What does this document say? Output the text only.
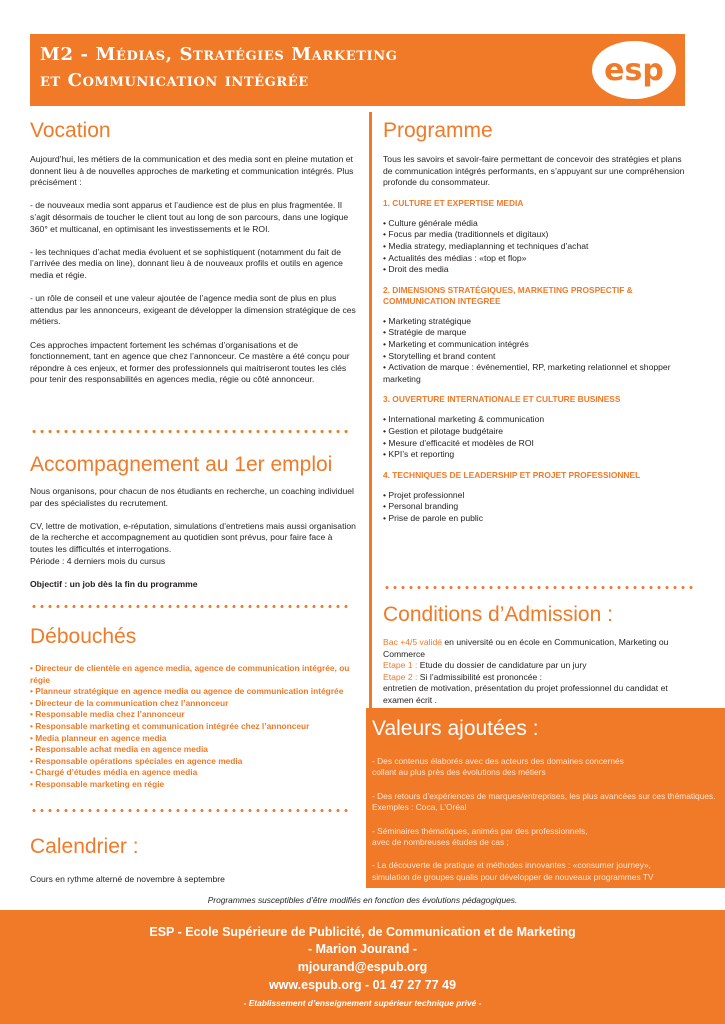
M2 - Médias, Stratégies Marketing
et Communication intégrée	esp
Vocation

Aujourd’hui, les métiers de la communication et des media sont en pleine mutation et donnent lieu à de nouvelles approches de marketing et communication intégrés. Plus précisément :

- de nouveaux media sont apparus et l’audience est de plus en plus fragmentée. Il s’agit désormais de toucher le client tout au long de son parcours, dans une logique 360° et multicanal, en optimisant les investissements et le ROI.

- les techniques d’achat media évoluent et se sophistiquent (notamment du fait de l’arrivée des media on line), donnant lieu à de nouveaux profils et outils en agence media et régie.

- un rôle de conseil et une valeur ajoutée de l’agence media sont de plus en plus attendus par les annonceurs, exigeant de développer la dimension stratégique de ces métiers.

Ces approches impactent fortement les schémas d’organisations et de fonctionnement, tant en agence que chez l’annonceur. Ce mastère a été conçu pour répondre à ces enjeux, et former des professionnels qui maitriseront toutes les clés pour tenir des responsabilités en agences media, régie ou côté annonceur.

Accompagnement au 1er emploi

Nous organisons, pour chacun de nos étudiants en recherche, un coaching individuel par des spécialistes du recrutement.

CV, lettre de motivation, e-réputation, simulations d’entretiens mais aussi organisation de la recherche et accompagnement au quotidien sont prévus, pour faire face à toutes les difficultés et interrogations.

Période : 4 derniers mois du cursus

Objectif : un job dès la fin du programme

Débouchés
• Directeur de clientèle en agence media, agence de communication intégrée, ou régie
• Planneur stratégique en agence media ou agence de communication intégrée
• Directeur de la communication chez l’annonceur
• Responsable media chez l’annonceur
• Responsable marketing et communication intégrée chez l’annonceur
• Media planneur en agence media
• Responsable achat media en agence media
• Responsable opérations spéciales en agence media
• Chargé d’études média en agence media
• Responsable marketing en régie
Calendrier :

Cours en rythme alterné de novembre à septembre

Programme

Tous les savoirs et savoir-faire permettant de concevoir des stratégies et plans de communication intégrés performants, en s’appuyant sur une compréhension profonde du consommateur.

1. CULTURE ET EXPERTISE MEDIA
• Culture générale média
• Focus par media (traditionnels et digitaux)
• Media strategy, mediaplanning et techniques d’achat
• Actualités des médias : «top et flop»
• Droit des media
2. DIMENSIONS STRATÉGIQUES, MARKETING PROSPECTIF & COMMUNICATION INTEGREE
• Marketing stratégique
• Stratégie de marque
• Marketing et communication intégrés
• Storytelling et brand content
• Activation de marque : événementiel, RP, marketing relationnel et shopper marketing
3. OUVERTURE INTERNATIONALE ET CULTURE BUSINESS
• International marketing & communication
• Gestion et pilotage budgétaire
• Mesure d’efficacité et modèles de ROI
• KPI’s et reporting
4. TECHNIQUES DE LEADERSHIP ET PROJET PROFESSIONNEL
• Projet professionnel
• Personal branding
• Prise de parole en public
Conditions d’Admission :

Bac +4/5 validé en université ou en école en Communication, Marketing ou Commerce

Etape 1 : Etude du dossier de candidature par un jury

Etape 2 : Si l’admissibilité est prononcée :

entretien de motivation, présentation du projet professionnel du candidat et examen écrit .

Valeurs ajoutées :

- Des contenus élaborés avec des acteurs des domaines concernés
collant au plus près des évolutions des métiers

- Des retours d’expériences de marques/entreprises, les plus avancées sur ces thématiques. Exemples : Coca, L’Oréal

- Séminaires thématiques, animés par des professionnels,
avec de nombreuses études de cas ;

- La découverte de pratique et méthodes innovantes : «consumer journey»,
simulation de groupes qualis pour développer de nouveaux programmes TV

Programmes susceptibles d’être modifiés en fonction des évolutions pédagogiques.
ESP - Ecole Supérieure de Publicité, de Communication et de Marketing
- Marion Jourand -
mjourand@espub.org
www.espub.org - 01 47 27 77 49
- Etablissement d’enseignement supérieur technique privé -
